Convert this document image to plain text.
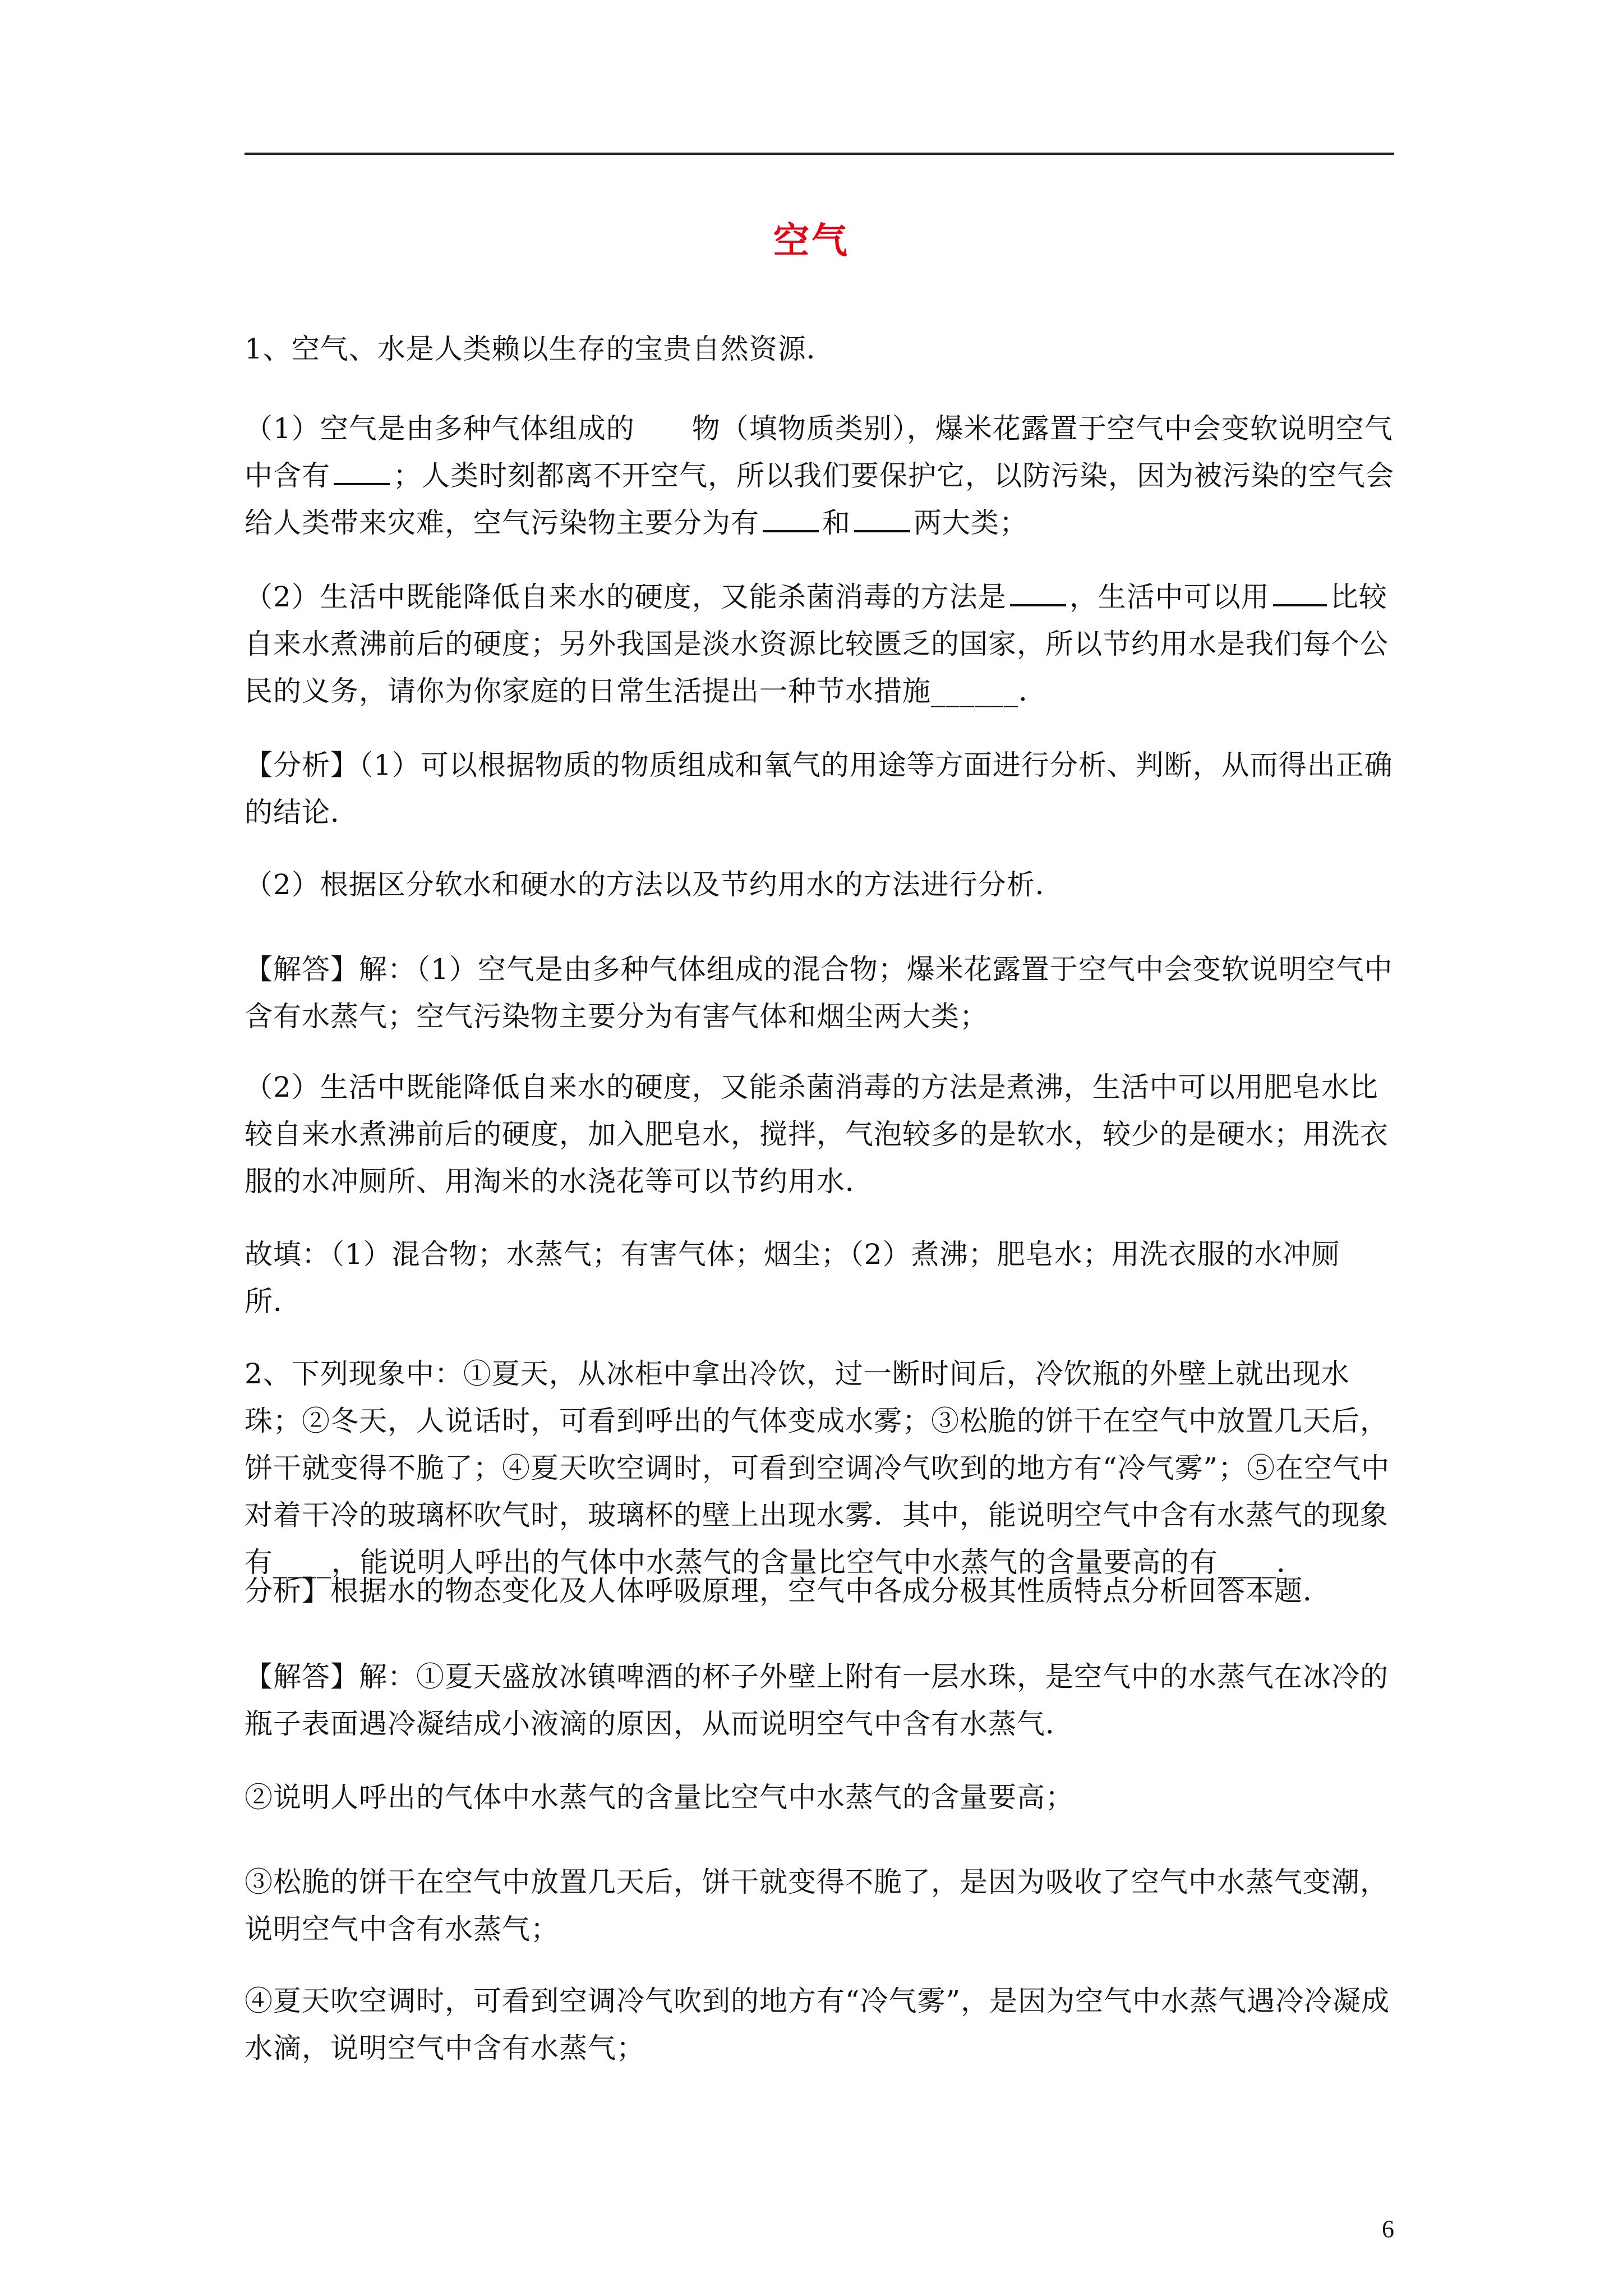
空气

1、空气、水是人类赖以生存的宝贵自然资源．

（1）空气是由多种气体组成的　　物（填物质类别），爆米花露置于空气中会变软说明空气中含有 ；人类时刻都离不开空气，所以我们要保护它，以防污染，因为被污染的空气会给人类带来灾难，空气污染物主要分为有 和 两大类；

（2）生活中既能降低自来水的硬度，又能杀菌消毒的方法是 ，生活中可以用 比较自来水煮沸前后的硬度；另外我国是淡水资源比较匮乏的国家，所以节约用水是我们每个公民的义务，请你为你家庭的日常生活提出一种节水措施______．

【分析】（1）可以根据物质的物质组成和氧气的用途等方面进行分析、判断，从而得出正确的结论．

（2）根据区分软水和硬水的方法以及节约用水的方法进行分析．

【解答】解：（1）空气是由多种气体组成的混合物；爆米花露置于空气中会变软说明空气中含有水蒸气；空气污染物主要分为有害气体和烟尘两大类；

（2）生活中既能降低自来水的硬度，又能杀菌消毒的方法是煮沸，生活中可以用肥皂水比较自来水煮沸前后的硬度，加入肥皂水，搅拌，气泡较多的是软水，较少的是硬水；用洗衣服的水冲厕所、用淘米的水浇花等可以节约用水．

故填：（1）混合物；水蒸气；有害气体；烟尘；（2）煮沸；肥皂水；用洗衣服的水冲厕所．

2、下列现象中：①夏天，从冰柜中拿出冷饮，过一断时间后，冷饮瓶的外壁上就出现水珠；②冬天，人说话时，可看到呼出的气体变成水雾；③松脆的饼干在空气中放置几天后，饼干就变得不脆了；④夏天吹空调时，可看到空调冷气吹到的地方有“冷气雾”；⑤在空气中对着干冷的玻璃杯吹气时，玻璃杯的壁上出现水雾．其中，能说明空气中含有水蒸气的现象有____，能说明人呼出的气体中水蒸气的含量比空气中水蒸气的含量要高的有____．

分析】根据水的物态变化及人体呼吸原理，空气中各成分极其性质特点分析回答本题．

【解答】解：①夏天盛放冰镇啤酒的杯子外壁上附有一层水珠，是空气中的水蒸气在冰冷的瓶子表面遇冷凝结成小液滴的原因，从而说明空气中含有水蒸气．

②说明人呼出的气体中水蒸气的含量比空气中水蒸气的含量要高；

③松脆的饼干在空气中放置几天后，饼干就变得不脆了，是因为吸收了空气中水蒸气变潮，说明空气中含有水蒸气；

④夏天吹空调时，可看到空调冷气吹到的地方有“冷气雾”，是因为空气中水蒸气遇冷冷凝成水滴，说明空气中含有水蒸气；

6
